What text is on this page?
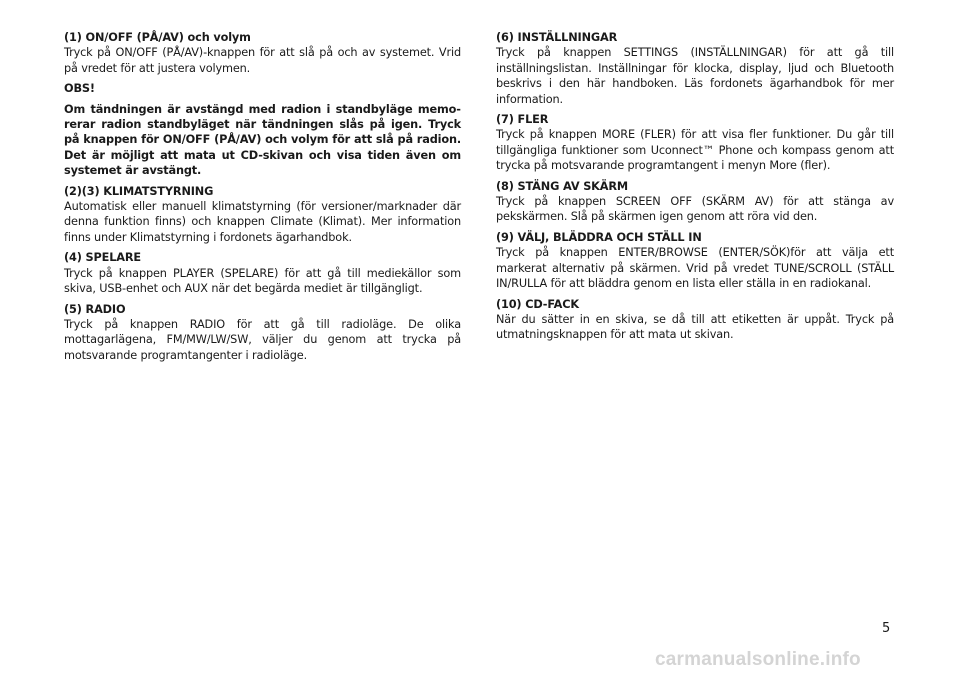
(1) ON/OFF (PÅ/AV) och volym
Tryck på ON/OFF (PÅ/AV)-knappen för att slå på och av systemet. Vrid på vredet för att justera volymen.
OBS!
Om tändningen är avstängd med radion i standbyläge memorerar radion standbyläget när tändningen slås på igen. Tryck på knappen för ON/OFF (PÅ/AV) och volym för att slå på radion. Det är möjligt att mata ut CD-skivan och visa tiden även om systemet är avstängt.
(2)(3) KLIMATSTYRNING
Automatisk eller manuell klimatstyrning (för versioner/marknader där denna funktion finns) och knappen Climate (Klimat). Mer information finns under Klimatstyrning i fordonets ägarhandbok.
(4) SPELARE
Tryck på knappen PLAYER (SPELARE) för att gå till mediekällor som skiva, USB-enhet och AUX när det begärda mediet är tillgängligt.
(5) RADIO
Tryck på knappen RADIO för att gå till radioläge. De olika mottagarlägena, FM/MW/LW/SW, väljer du genom att trycka på motsvarande programtangenter i radioläge.
(6) INSTÄLLNINGAR
Tryck på knappen SETTINGS (INSTÄLLNINGAR) för att gå till inställningslistan. Inställningar för klocka, display, ljud och Bluetooth beskrivs i den här handboken. Läs fordonets ägarhandbok för mer information.
(7) FLER
Tryck på knappen MORE (FLER) för att visa fler funktioner. Du går till tillgängliga funktioner som Uconnect™ Phone och kompass genom att trycka på motsvarande programtangent i menyn More (fler).
(8) STÄNG AV SKÄRM
Tryck på knappen SCREEN OFF (SKÄRM AV) för att stänga av pekskärmen. Slå på skärmen igen genom att röra vid den.
(9) VÄLJ, BLÄDDRA OCH STÄLL IN
Tryck på knappen ENTER/BROWSE (ENTER/SÖK)för att välja ett markerat alternativ på skärmen. Vrid på vredet TUNE/SCROLL (STÄLL IN/RULLA för att bläddra genom en lista eller ställa in en radiokanal.
(10) CD-FACK
När du sätter in en skiva, se då till att etiketten är uppåt. Tryck på utmatningsknappen för att mata ut skivan.
5
carmanualsonline.info
